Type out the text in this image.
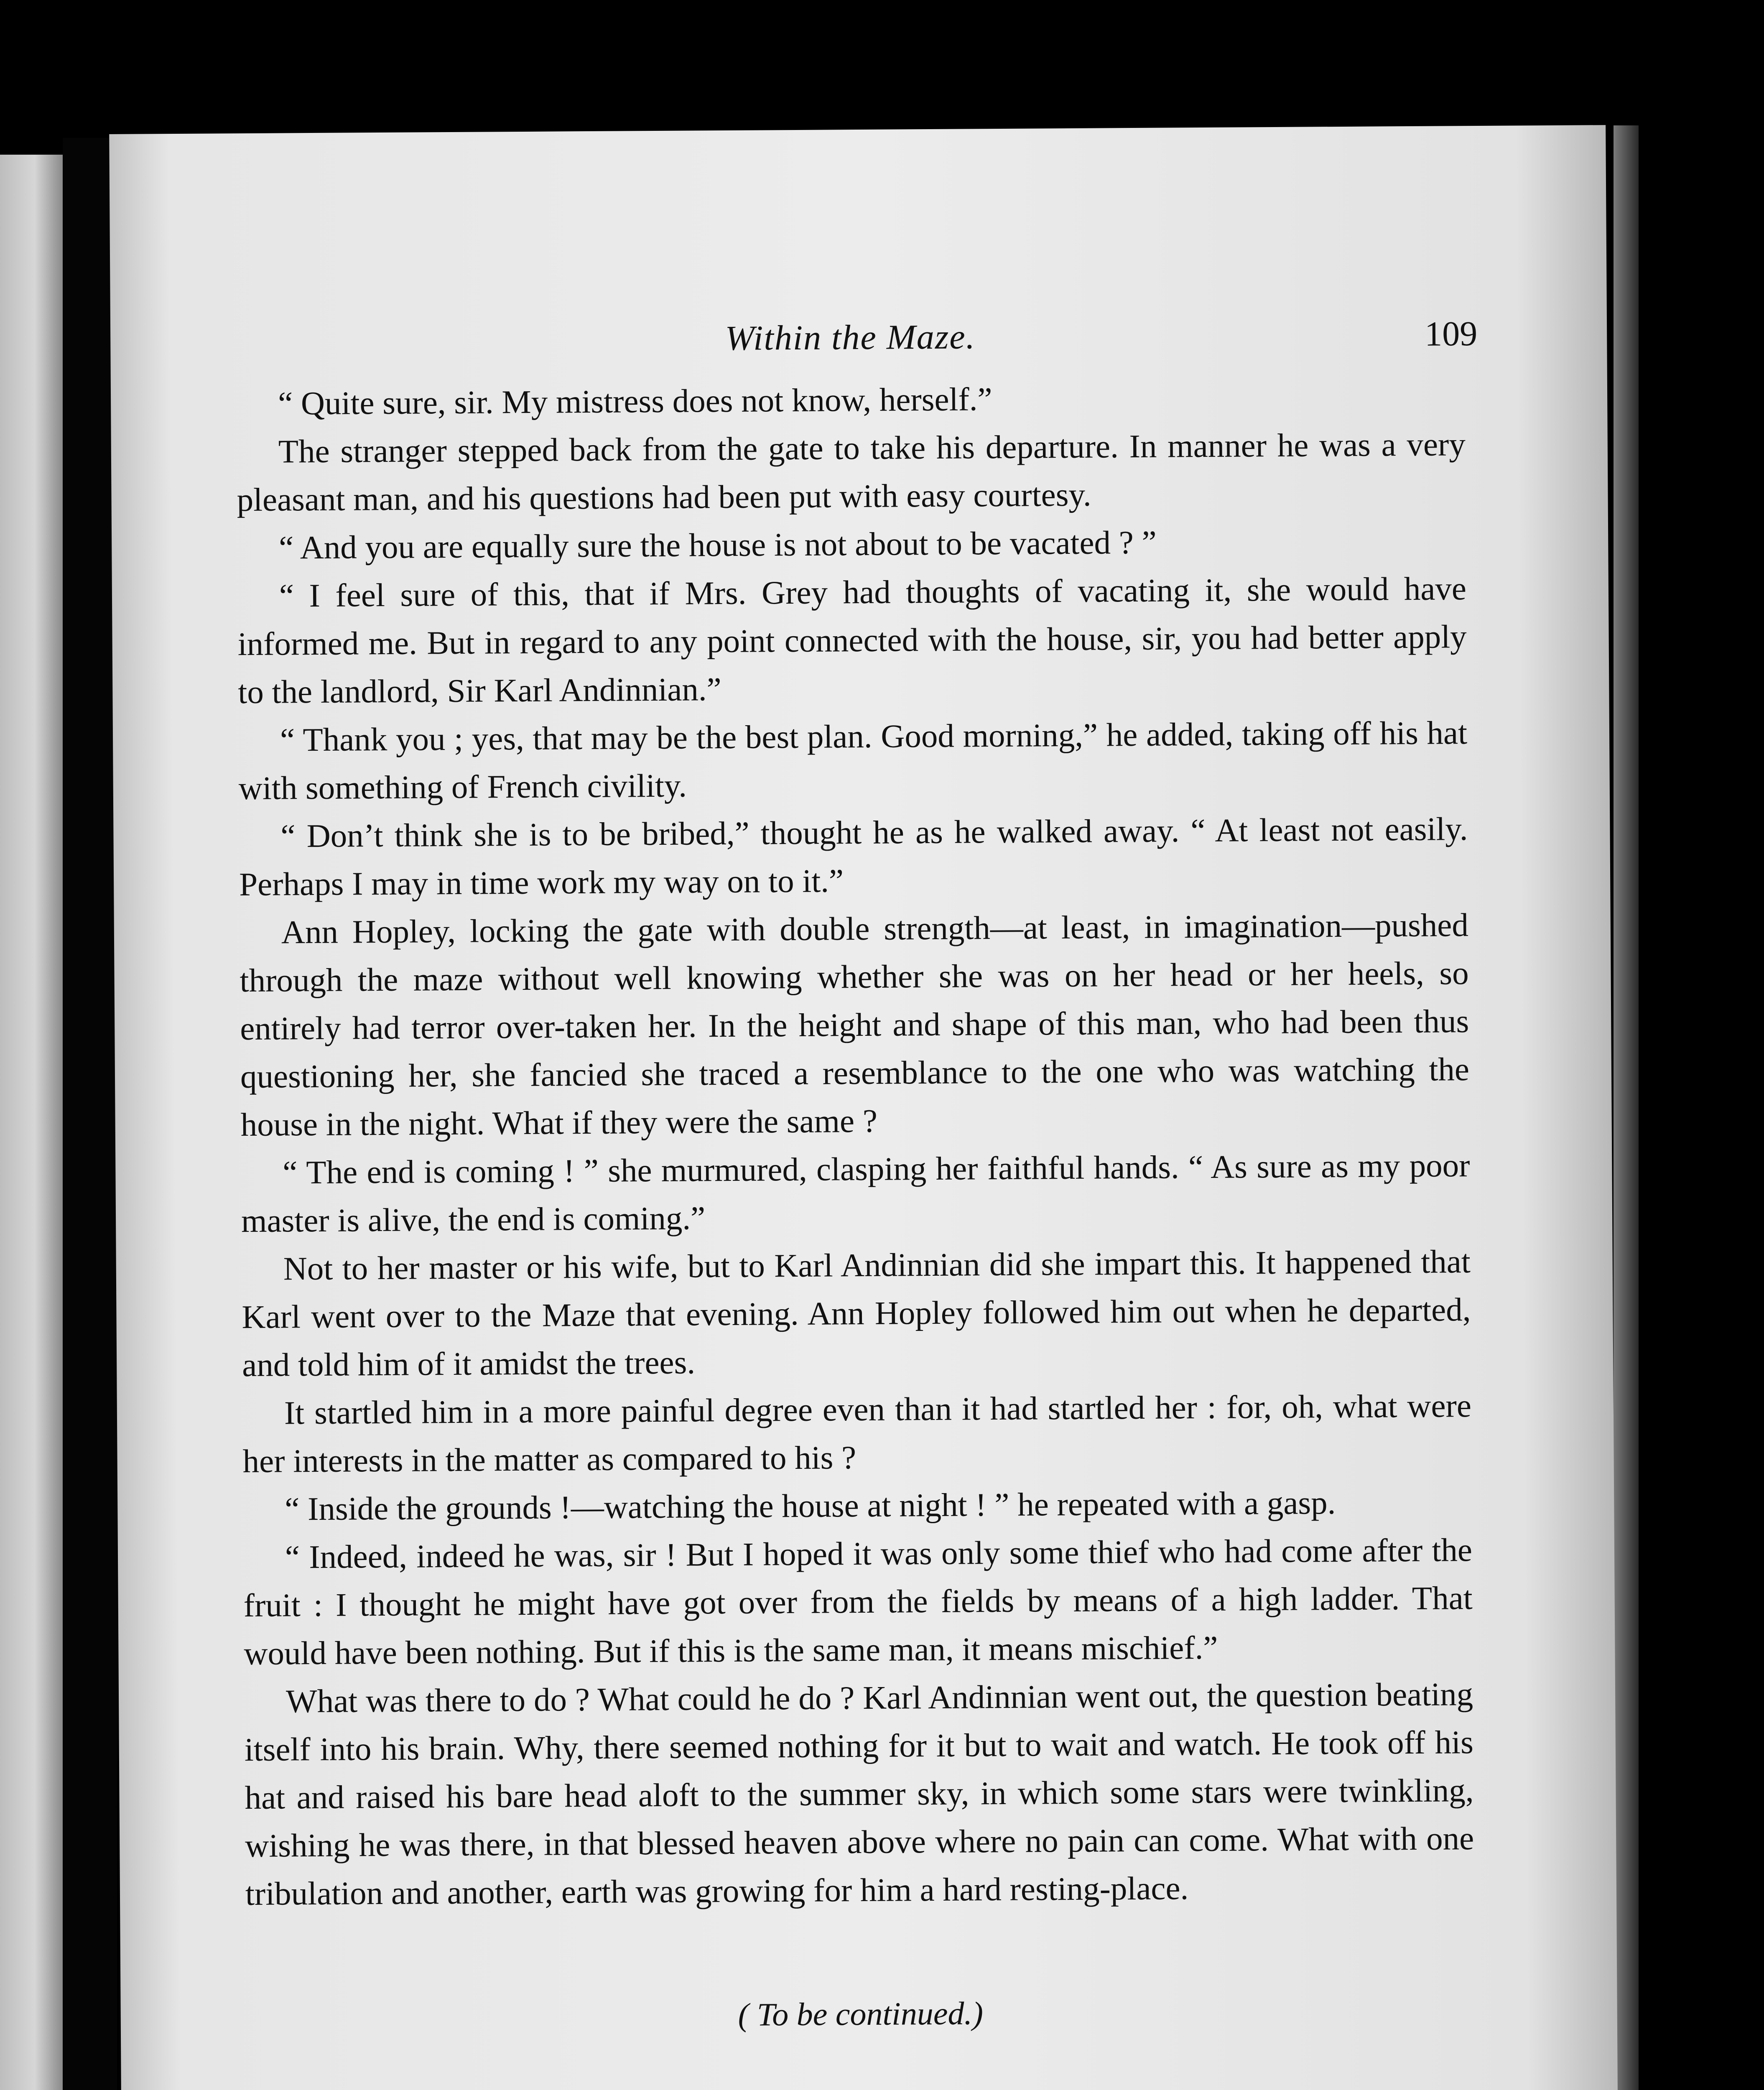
Within the Maze.	109

“ Quite sure, sir. My mistress does not know, herself.”

The stranger stepped back from the gate to take his departure. In manner he was a very pleasant man, and his questions had been put with easy courtesy.

“ And you are equally sure the house is not about to be vacated ? ”

“ I feel sure of this, that if Mrs. Grey had thoughts of vacating it, she would have informed me. But in regard to any point connected with the house, sir, you had better apply to the landlord, Sir Karl Andinnian.”

“ Thank you ; yes, that may be the best plan. Good morning,” he added, taking off his hat with something of French civility.

“ Don’t think she is to be bribed,” thought he as he walked away. “ At least not easily. Perhaps I may in time work my way on to it.”

Ann Hopley, locking the gate with double strength—at least, in imagination—pushed through the maze without well knowing whether she was on her head or her heels, so entirely had terror over-taken her. In the height and shape of this man, who had been thus questioning her, she fancied she traced a resemblance to the one who was watching the house in the night. What if they were the same ?

“ The end is coming ! ” she murmured, clasping her faithful hands. “ As sure as my poor master is alive, the end is coming.”

Not to her master or his wife, but to Karl Andinnian did she impart this. It happened that Karl went over to the Maze that evening. Ann Hopley followed him out when he departed, and told him of it amidst the trees.

It startled him in a more painful degree even than it had startled her : for, oh, what were her interests in the matter as compared to his ?

“ Inside the grounds !—watching the house at night ! ” he repeated with a gasp.

“ Indeed, indeed he was, sir ! But I hoped it was only some thief who had come after the fruit : I thought he might have got over from the fields by means of a high ladder. That would have been nothing. But if this is the same man, it means mischief.”

What was there to do ? What could he do ? Karl Andinnian went out, the question beating itself into his brain. Why, there seemed nothing for it but to wait and watch. He took off his hat and raised his bare head aloft to the summer sky, in which some stars were twinkling, wishing he was there, in that blessed heaven above where no pain can come. What with one tribulation and another, earth was growing for him a hard resting-place.

( To be continued.)
